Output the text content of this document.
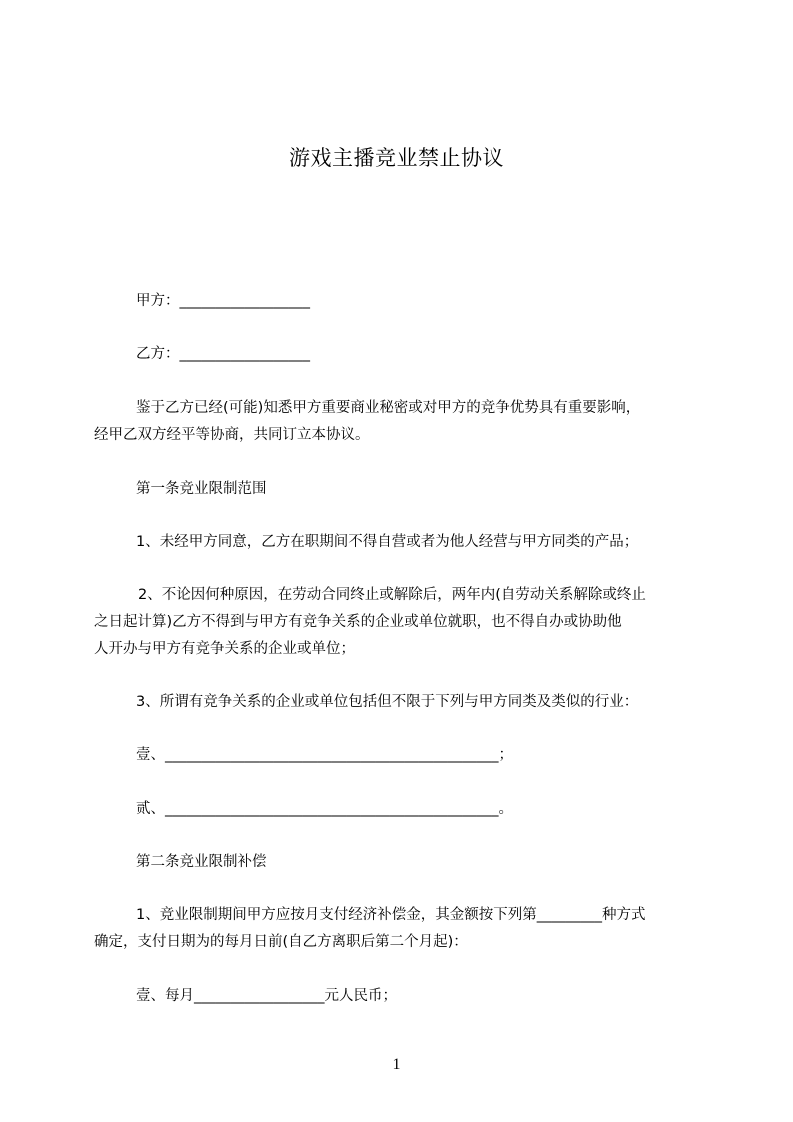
游戏主播竞业禁止协议
甲方：__________________
乙方：__________________
鉴于乙方已经(可能)知悉甲方重要商业秘密或对甲方的竞争优势具有重要影响，
经甲乙双方经平等协商，共同订立本协议。
第一条竞业限制范围
1、未经甲方同意，乙方在职期间不得自营或者为他人经营与甲方同类的产品；
2、不论因何种原因，在劳动合同终止或解除后，两年内(自劳动关系解除或终止
之日起计算)乙方不得到与甲方有竞争关系的企业或单位就职，也不得自办或协助他
人开办与甲方有竞争关系的企业或单位；
3、所谓有竞争关系的企业或单位包括但不限于下列与甲方同类及类似的行业：
壹、______________________________________________；
贰、______________________________________________。
第二条竞业限制补偿
1、竞业限制期间甲方应按月支付经济补偿金，其金额按下列第_________种方式
确定，支付日期为的每月日前(自乙方离职后第二个月起)：
壹、每月__________________元人民币；
1
